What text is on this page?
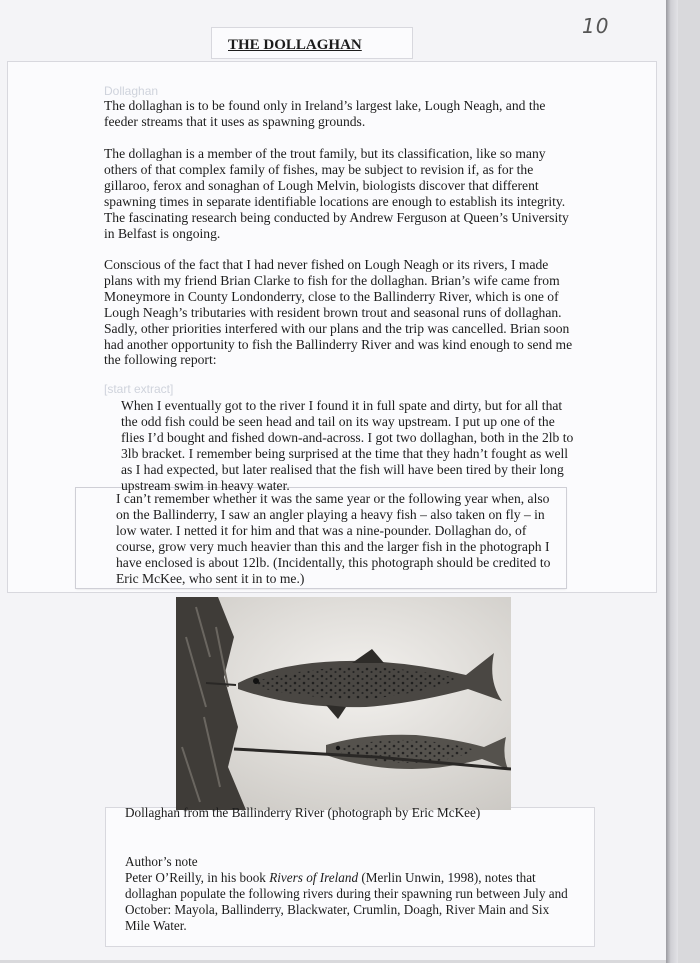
10
THE DOLLAGHAN
Dollaghan

The dollaghan is to be found only in Ireland’s largest lake, Lough Neagh, and the feeder streams that it uses as spawning grounds.

The dollaghan is a member of the trout family, but its classification, like so many others of that complex family of fishes, may be subject to revision if, as for the gillaroo, ferox and sonaghan of Lough Melvin, biologists discover that different spawning times in separate identifiable locations are enough to establish its integrity. The fascinating research being conducted by Andrew Ferguson at Queen’s University in Belfast is ongoing.

Conscious of the fact that I had never fished on Lough Neagh or its rivers, I made plans with my friend Brian Clarke to fish for the dollaghan. Brian’s wife came from Moneymore in County Londonderry, close to the Ballinderry River, which is one of Lough Neagh’s tributaries with resident brown trout and seasonal runs of dollaghan. Sadly, other priorities interfered with our plans and the trip was cancelled. Brian soon had another opportunity to fish the Ballinderry River and was kind enough to send me the following report:

[start extract]

When I eventually got to the river I found it in full spate and dirty, but for all that the odd fish could be seen head and tail on its way upstream. I put up one of the flies I’d bought and fished down-and-across. I got two dollaghan, both in the 2lb to 3lb bracket. I remember being surprised at the time that they hadn’t fought as well as I had expected, but later realised that the fish will have been tired by their long upstream swim in heavy water.

I can’t remember whether it was the same year or the following year when, also on the Ballinderry, I saw an angler playing a heavy fish – also taken on fly – in low water. I netted it for him and that was a nine-pounder. Dollaghan do, of course, grow very much heavier than this and the larger fish in the photograph I have enclosed is about 12lb. (Incidentally, this photograph should be credited to Eric McKee, who sent it in to me.)

Dollaghan from the Ballinderry River (photograph by Eric McKee)

Author’s note
Peter O’Reilly, in his book Rivers of Ireland (Merlin Unwin, 1998), notes that dollaghan populate the following rivers during their spawning run between July and October: Mayola, Ballinderry, Blackwater, Crumlin, Doagh, River Main and Six Mile Water.
